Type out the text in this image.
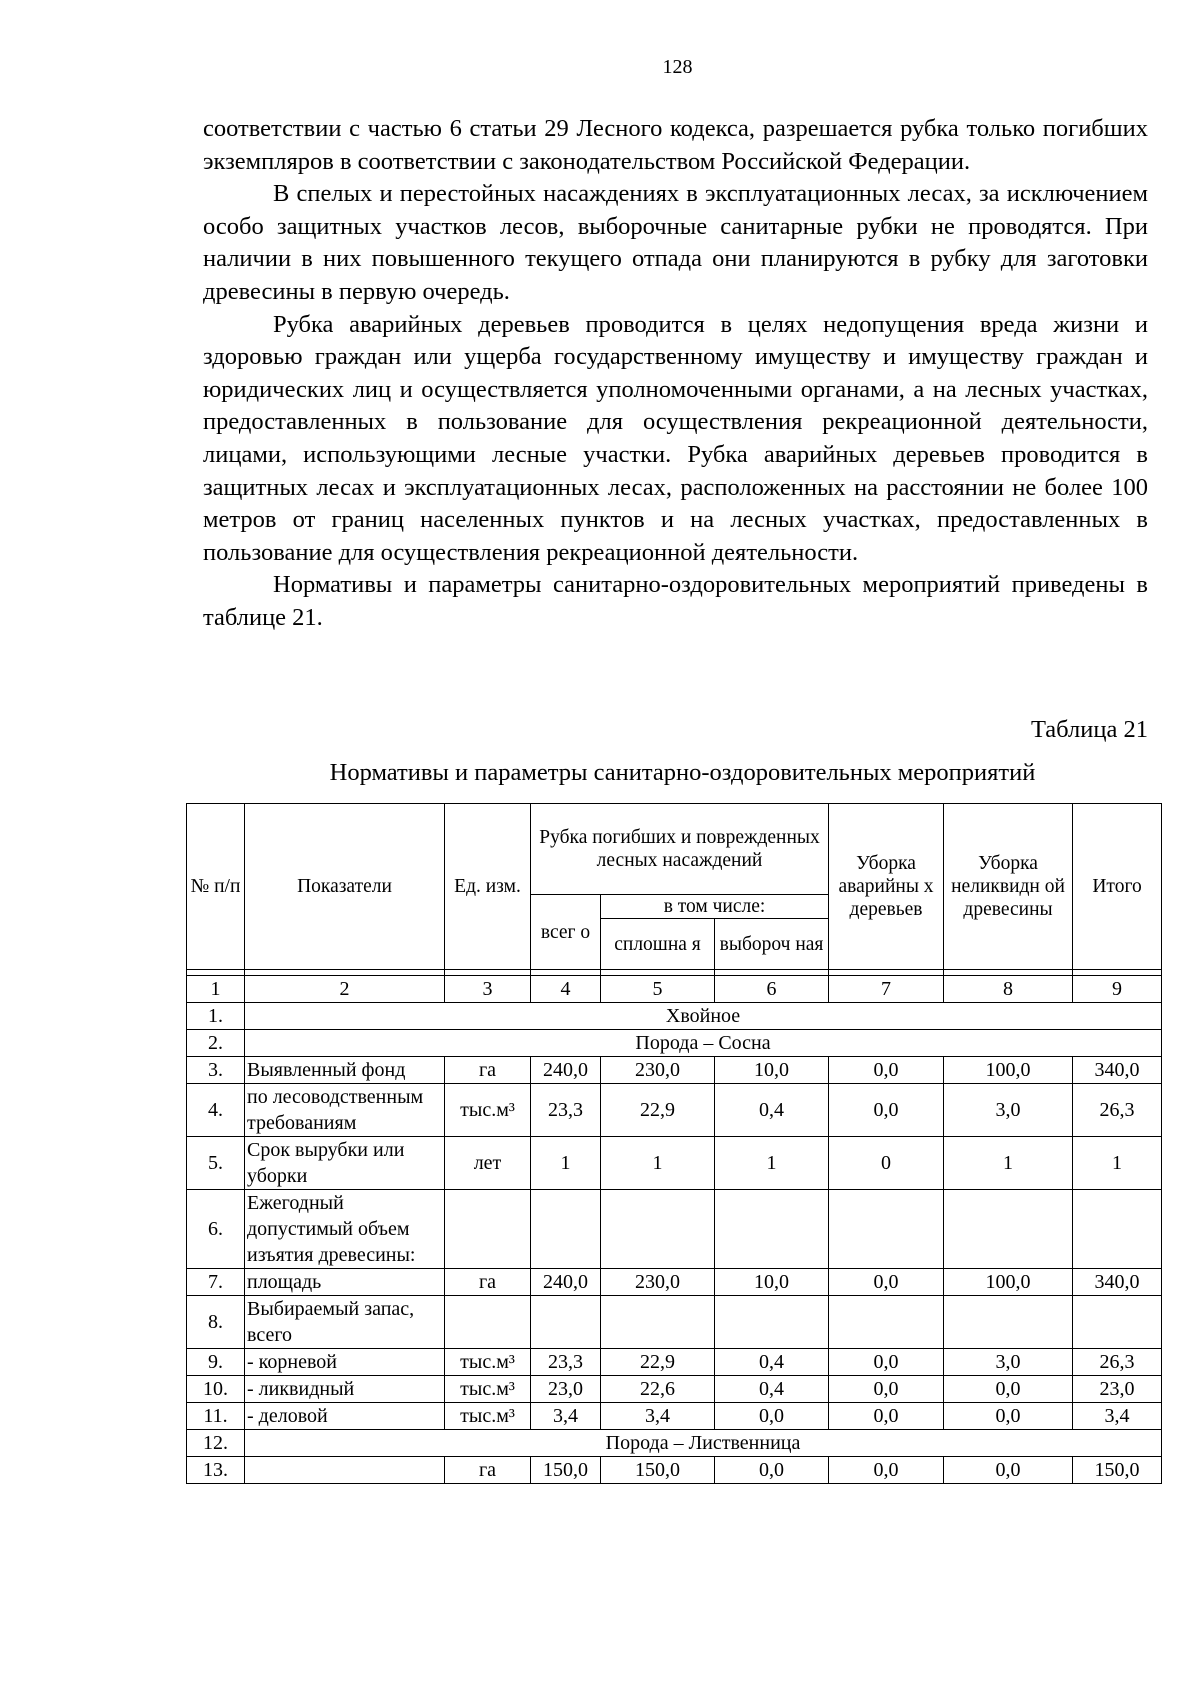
128

соответствии с частью 6 статьи 29 Лесного кодекса, разрешается рубка только погибших экземпляров в соответствии с законодательством Российской Федерации.

В спелых и перестойных насаждениях в эксплуатационных лесах, за исключением особо защитных участков лесов, выборочные санитарные рубки не проводятся. При наличии в них повышенного текущего отпада они планируются в рубку для заготовки древесины в первую очередь.

Рубка аварийных деревьев проводится в целях недопущения вреда жизни и здоровью граждан или ущерба государственному имуществу и имуществу граждан и юридических лиц и осуществляется уполномоченными органами, а на лесных участках, предоставленных в пользование для осуществления рекреационной деятельности, лицами, использующими лесные участки. Рубка аварийных деревьев проводится в защитных лесах и эксплуатационных лесах, расположенных на расстоянии не более 100 метров от границ населенных пунктов и на лесных участках, предоставленных в пользование для осуществления рекреационной деятельности.

Нормативы и параметры санитарно-оздоровительных мероприятий приведены в таблице 21.

Таблица 21
Нормативы и параметры санитарно-оздоровительных мероприятий
№ п/п	Показатели	Ед. изм.	Рубка погибших и поврежденных лесных насаждений			Уборка аварийны х деревьев	Уборка неликвидн ой древесины	Итого
			всег о	в том числе:				
				сплошна я	выбороч ная			

1	2	3	4	5	6	7	8	9
1.	Хвойное							
2.	Порода – Сосна							
3.	Выявленный фонд	га	240,0	230,0	10,0	0,0	100,0	340,0
4.	по лесоводственным требованиям	тыс.м³	23,3	22,9	0,4	0,0	3,0	26,3
5.	Срок вырубки или уборки	лет	1	1	1	0	1	1
6.	Ежегодный допустимый объем изъятия древесины:							
7.	площадь	га	240,0	230,0	10,0	0,0	100,0	340,0
8.	Выбираемый запас, всего							
9.	- корневой	тыс.м³	23,3	22,9	0,4	0,0	3,0	26,3
10.	- ликвидный	тыс.м³	23,0	22,6	0,4	0,0	0,0	23,0
11.	- деловой	тыс.м³	3,4	3,4	0,0	0,0	0,0	3,4
12.	Порода – Лиственница							
13.		га	150,0	150,0	0,0	0,0	0,0	150,0
